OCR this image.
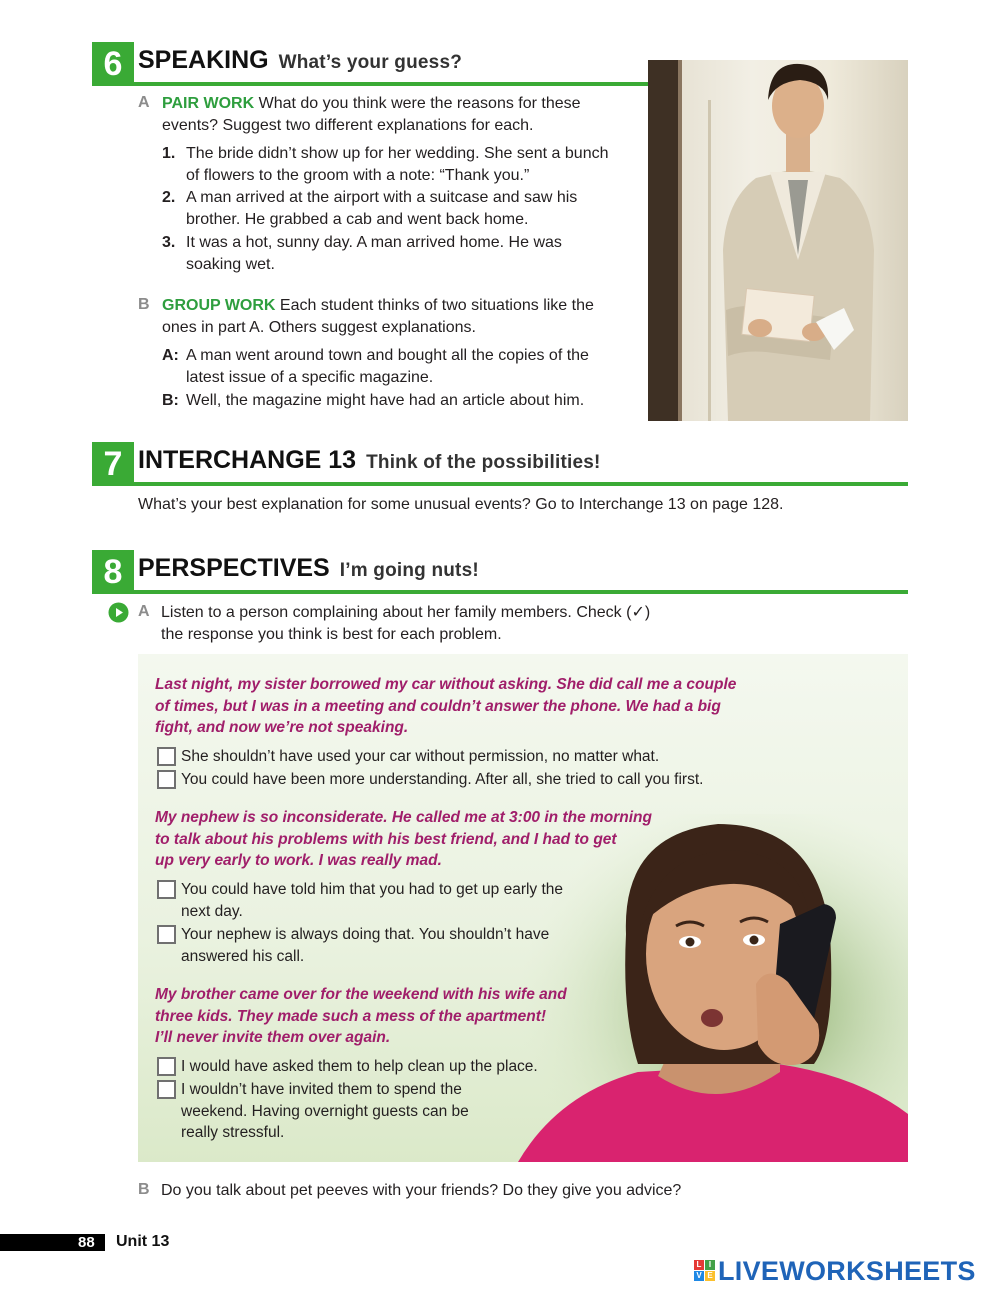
6 SPEAKING What’s your guess?
A PAIR WORK What do you think were the reasons for these
events? Suggest two different explanations for each.
1. The bride didn’t show up for her wedding. She sent a bunch
of flowers to the groom with a note: “Thank you.”
2. A man arrived at the airport with a suitcase and saw his
brother. He grabbed a cab and went back home.
3. It was a hot, sunny day. A man arrived home. He was
soaking wet.
B GROUP WORK Each student thinks of two situations like the
ones in part A. Others suggest explanations.
A: A man went around town and bought all the copies of the
latest issue of a specific magazine.
B: Well, the magazine might have had an article about him.
7 INTERCHANGE 13 Think of the possibilities!
What’s your best explanation for some unusual events? Go to Interchange 13 on page 128.
8 PERSPECTIVES I’m going nuts!
A Listen to a person complaining about her family members. Check (✓)
the response you think is best for each problem.
Last night, my sister borrowed my car without asking. She did call me a couple
of times, but I was in a meeting and couldn’t answer the phone. We had a big
fight, and now we’re not speaking.
She shouldn’t have used your car without permission, no matter what.
You could have been more understanding. After all, she tried to call you first.
My nephew is so inconsiderate. He called me at 3:00 in the morning
to talk about his problems with his best friend, and I had to get
up very early to work. I was really mad.
You could have told him that you had to get up early the
next day.
Your nephew is always doing that. You shouldn’t have
answered his call.
My brother came over for the weekend with his wife and
three kids. They made such a mess of the apartment!
I’ll never invite them over again.
I would have asked them to help clean up the place.
I wouldn’t have invited them to spend the
weekend. Having overnight guests can be
really stressful.
B Do you talk about pet peeves with your friends? Do they give you advice?
88 Unit 13
L I
V E LIVEWORKSHEETS
